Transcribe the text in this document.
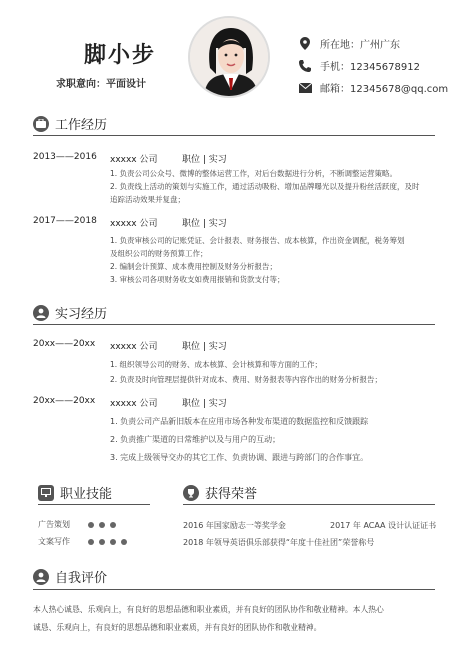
脚小步
求职意向：平面设计
所在地：广州广东
手机：12345678912
邮箱：12345678@qq.com
工作经历
2013——2016	xxxxx 公司	职位 | 实习
1. 负责公司公众号、微博的整体运营工作，对后台数据进行分析，不断调整运营策略。
2. 负责线上活动的策划与实施工作，通过活动吸粉、增加品牌曝光以及提升粉丝活跃度，及时
追踪活动效果并复盘；
2017——2018	xxxxx 公司	职位 | 实习
1. 负责审核公司的记账凭证、会计报表、财务报告、成本核算，作出资金调配，税务筹划
及组织公司的财务预算工作；
2. 编制会计预算、成本费用控制及财务分析报告；
3. 审核公司各项财务收支如费用报销和货款支付等；
实习经历
20xx——20xx	xxxxx 公司	职位 | 实习
1. 组织领导公司的财务、成本核算、会计核算和等方面的工作；
2. 负责及时向管理层提供针对成本、费用、财务报表等内容作出的财务分析报告；
20xx——20xx	xxxxx 公司	职位 | 实习
1. 负责公司产品新旧版本在应用市场各种发布渠道的数据监控和反馈跟踪
2. 负责推广渠道的日常维护以及与用户的互动；
3. 完成上级领导交办的其它工作、负责协调、跟进与跨部门的合作事宜。
职业技能
广告策划
文案写作
获得荣誉
2016 年国家励志一等奖学金	2017 年 ACAA 设计认证证书
2018 年领导英语俱乐部获得“年度十佳社团”荣誉称号
自我评价
本人热心诚恳、乐观向上，有良好的思想品德和职业素质，并有良好的团队协作和敬业精神。本人热心
诚恳、乐观向上，有良好的思想品德和职业素质，并有良好的团队协作和敬业精神。
